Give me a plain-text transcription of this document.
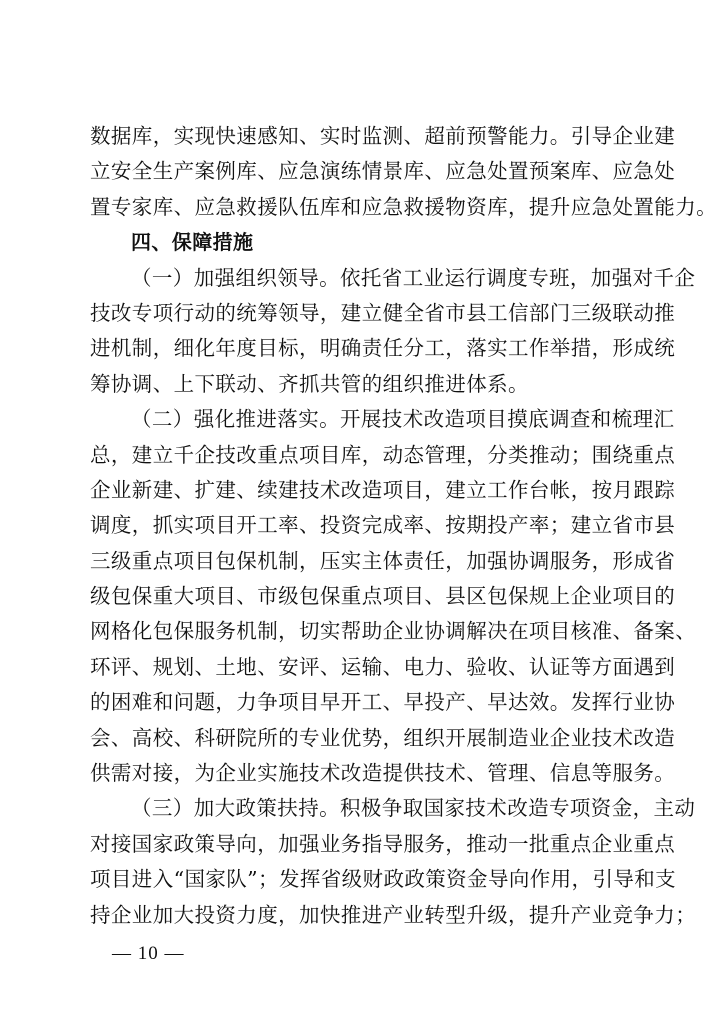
数据库，实现快速感知、实时监测、超前预警能力。引导企业建
立安全生产案例库、应急演练情景库、应急处置预案库、应急处
置专家库、应急救援队伍库和应急救援物资库，提升应急处置能力。
四、保障措施
（一）加强组织领导。依托省工业运行调度专班，加强对千企
技改专项行动的统筹领导，建立健全省市县工信部门三级联动推
进机制，细化年度目标，明确责任分工，落实工作举措，形成统
筹协调、上下联动、齐抓共管的组织推进体系。
（二）强化推进落实。开展技术改造项目摸底调查和梳理汇
总，建立千企技改重点项目库，动态管理，分类推动；围绕重点
企业新建、扩建、续建技术改造项目，建立工作台帐，按月跟踪
调度，抓实项目开工率、投资完成率、按期投产率；建立省市县
三级重点项目包保机制，压实主体责任，加强协调服务，形成省
级包保重大项目、市级包保重点项目、县区包保规上企业项目的
网格化包保服务机制，切实帮助企业协调解决在项目核准、备案、
环评、规划、土地、安评、运输、电力、验收、认证等方面遇到
的困难和问题，力争项目早开工、早投产、早达效。发挥行业协
会、高校、科研院所的专业优势，组织开展制造业企业技术改造
供需对接，为企业实施技术改造提供技术、管理、信息等服务。
（三）加大政策扶持。积极争取国家技术改造专项资金，主动
对接国家政策导向，加强业务指导服务，推动一批重点企业重点
项目进入“国家队”；发挥省级财政政策资金导向作用，引导和支
持企业加大投资力度，加快推进产业转型升级，提升产业竞争力；
— 10 —
